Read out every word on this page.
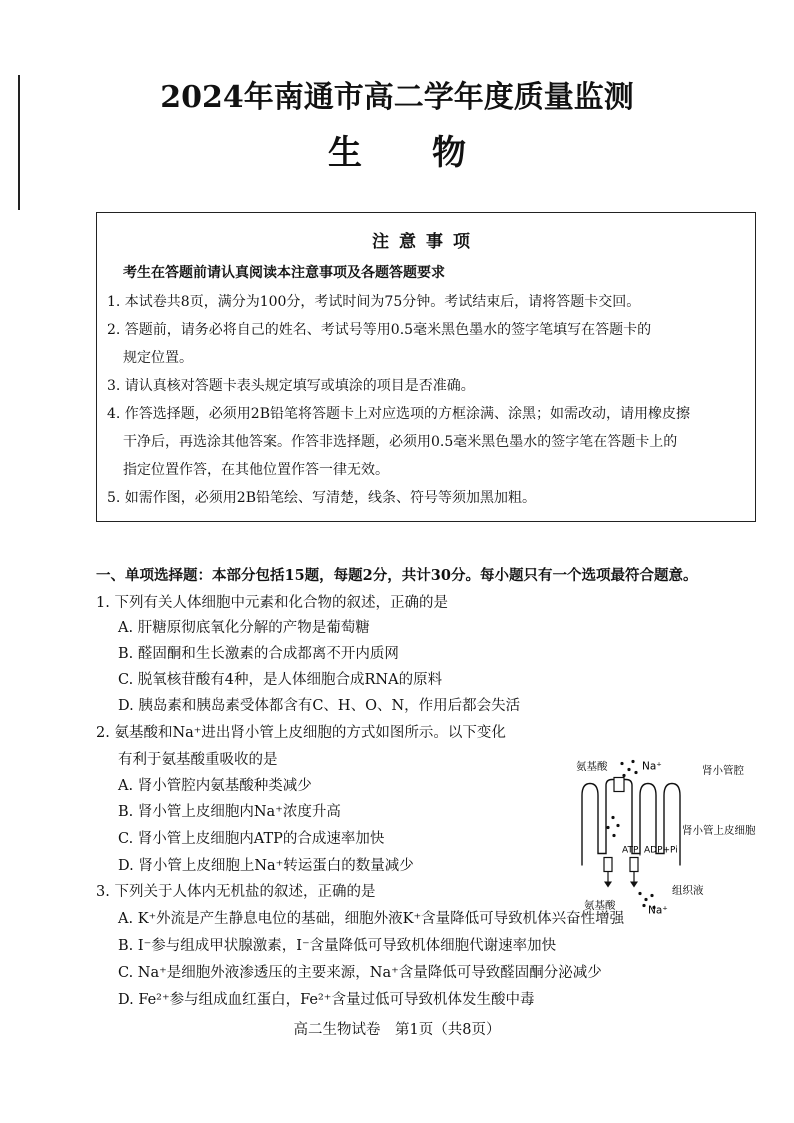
2024年南通市高二学年度质量监测
生物
注意事项
考生在答题前请认真阅读本注意事项及各题答题要求
1. 本试卷共8页，满分为100分，考试时间为75分钟。考试结束后，请将答题卡交回。
2. 答题前，请务必将自己的姓名、考试号等用0.5毫米黑色墨水的签字笔填写在答题卡的
规定位置。
3. 请认真核对答题卡表头规定填写或填涂的项目是否准确。
4. 作答选择题，必须用2B铅笔将答题卡上对应选项的方框涂满、涂黑；如需改动，请用橡皮擦
干净后，再选涂其他答案。作答非选择题，必须用0.5毫米黑色墨水的签字笔在答题卡上的
指定位置作答，在其他位置作答一律无效。
5. 如需作图，必须用2B铅笔绘、写清楚，线条、符号等须加黑加粗。
一、单项选择题：本部分包括15题，每题2分，共计30分。每小题只有一个选项最符合题意。
1. 下列有关人体细胞中元素和化合物的叙述，正确的是
A. 肝糖原彻底氧化分解的产物是葡萄糖
B. 醛固酮和生长激素的合成都离不开内质网
C. 脱氧核苷酸有4种，是人体细胞合成RNA的原料
D. 胰岛素和胰岛素受体都含有C、H、O、N，作用后都会失活
2. 氨基酸和Na⁺进出肾小管上皮细胞的方式如图所示。以下变化
有利于氨基酸重吸收的是
A. 肾小管腔内氨基酸种类减少
B. 肾小管上皮细胞内Na⁺浓度升高
C. 肾小管上皮细胞内ATP的合成速率加快
D. 肾小管上皮细胞上Na⁺转运蛋白的数量减少
氨基酸	Na⁺	肾小管腔
ATP ADP+Pi
肾小管上皮细胞
组织液
氨基酸	Na⁺
3. 下列关于人体内无机盐的叙述，正确的是
A. K⁺外流是产生静息电位的基础，细胞外液K⁺含量降低可导致机体兴奋性增强
B. I⁻参与组成甲状腺激素，I⁻含量降低可导致机体细胞代谢速率加快
C. Na⁺是细胞外液渗透压的主要来源，Na⁺含量降低可导致醛固酮分泌减少
D. Fe²⁺参与组成血红蛋白，Fe²⁺含量过低可导致机体发生酸中毒
高二生物试卷　第1页（共8页）
